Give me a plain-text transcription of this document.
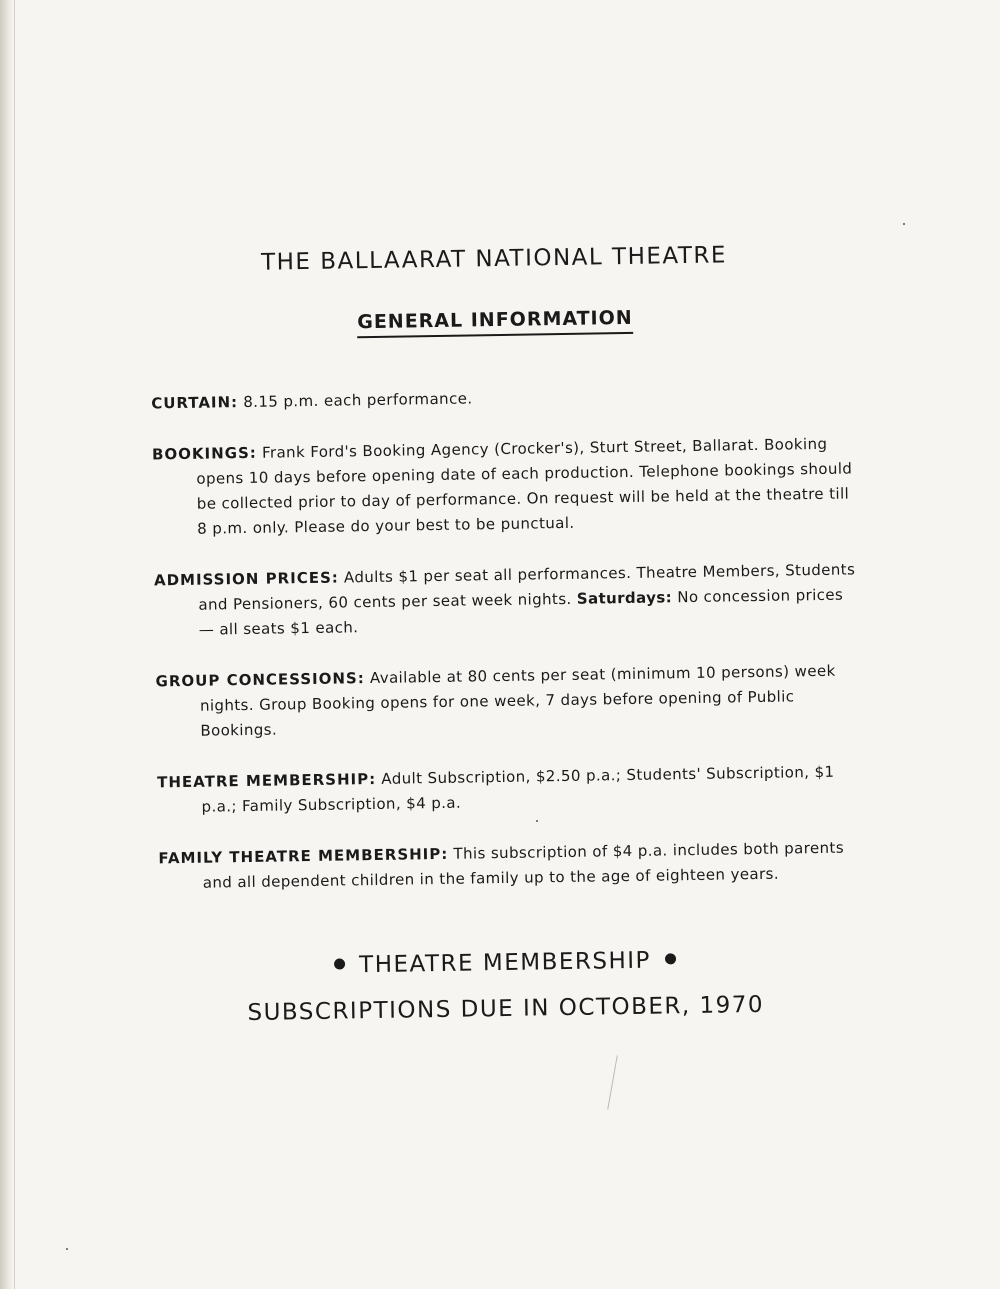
THE BALLAARAT NATIONAL THEATRE
GENERAL INFORMATION
CURTAIN: 8.15 p.m. each performance.
BOOKINGS: Frank Ford's Booking Agency (Crocker's), Sturt Street, Ballarat. Booking opens 10 days before opening date of each production. Telephone bookings should be collected prior to day of performance. On request will be held at the theatre till 8 p.m. only. Please do your best to be punctual.
ADMISSION PRICES: Adults $1 per seat all performances. Theatre Members, Students and Pensioners, 60 cents per seat week nights. Saturdays: No concession prices — all seats $1 each.
GROUP CONCESSIONS: Available at 80 cents per seat (minimum 10 persons) week nights. Group Booking opens for one week, 7 days before opening of Public Bookings.
THEATRE MEMBERSHIP: Adult Subscription, $2.50 p.a.; Students' Subscription, $1 p.a.; Family Subscription, $4 p.a.
FAMILY THEATRE MEMBERSHIP: This subscription of $4 p.a. includes both parents and all dependent children in the family up to the age of eighteen years.
THEATRE MEMBERSHIP
SUBSCRIPTIONS DUE IN OCTOBER, 1970
